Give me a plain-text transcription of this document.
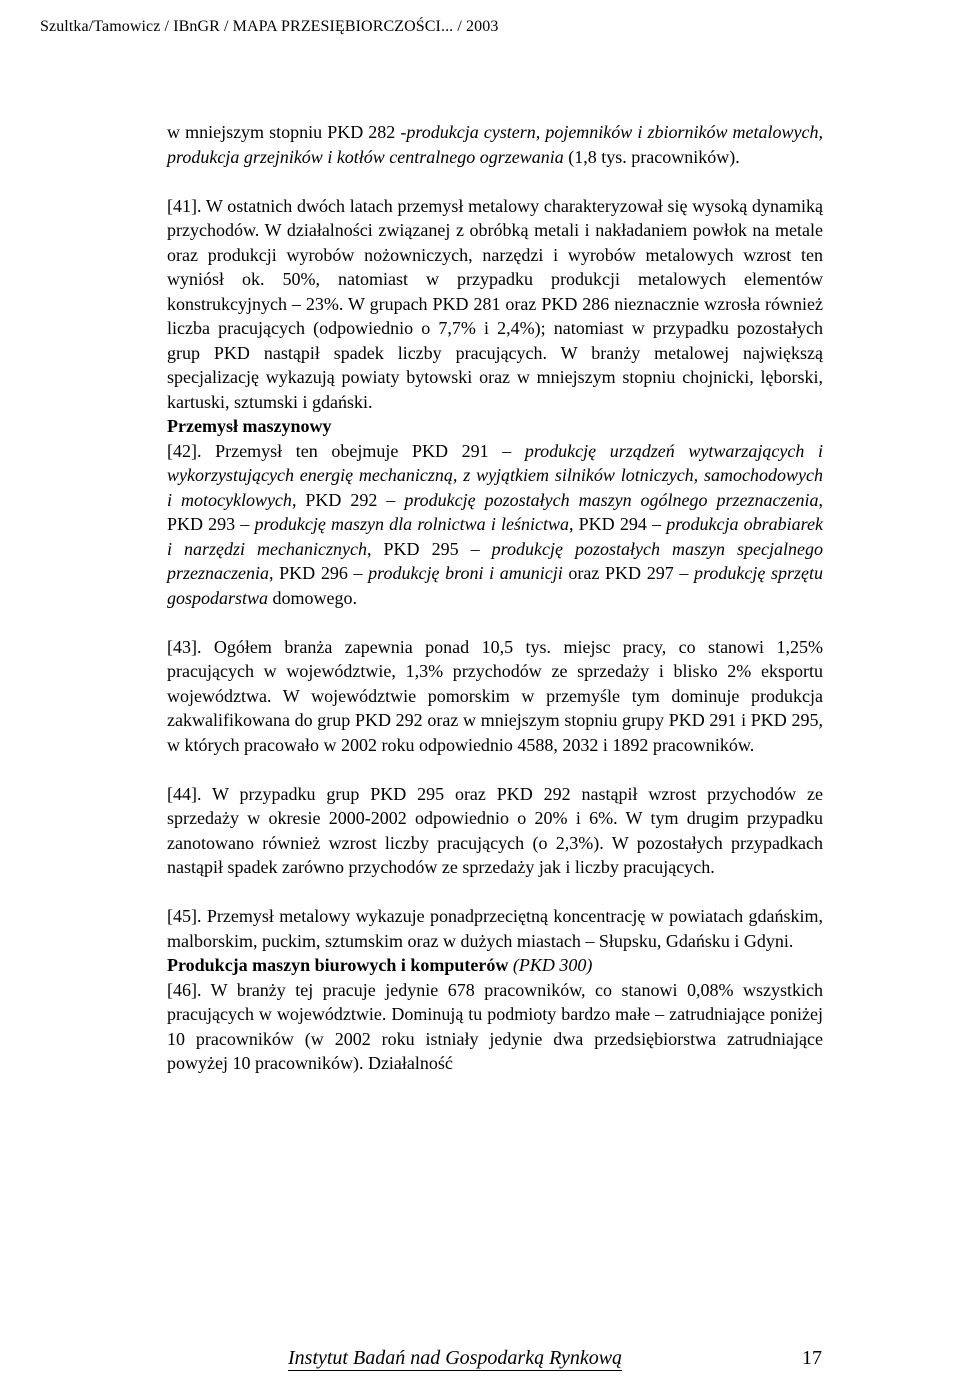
Szultka/Tamowicz / IBnGR / MAPA PRZESIĘBIORCZOŚCI... / 2003

w mniejszym stopniu PKD 282 -produkcja cystern, pojemników i zbiorników metalowych, produkcja grzejników i kotłów centralnego ogrzewania (1,8 tys. pracowników).

[41]. W ostatnich dwóch latach przemysł metalowy charakteryzował się wysoką dynamiką przychodów. W działalności związanej z obróbką metali i nakładaniem powłok na metale oraz produkcji wyrobów nożowniczych, narzędzi i wyrobów metalowych wzrost ten wyniósł ok. 50%, natomiast w przypadku produkcji metalowych elementów konstrukcyjnych – 23%. W grupach PKD 281 oraz PKD 286 nieznacznie wzrosła również liczba pracujących (odpowiednio o 7,7% i 2,4%); natomiast w przypadku pozostałych grup PKD nastąpił spadek liczby pracujących. W branży metalowej największą specjalizację wykazują powiaty bytowski oraz w mniejszym stopniu chojnicki, lęborski, kartuski, sztumski i gdański.

Przemysł maszynowy

[42]. Przemysł ten obejmuje PKD 291 – produkcję urządzeń wytwarzających i wykorzystujących energię mechaniczną, z wyjątkiem silników lotniczych, samochodowych i motocyklowych, PKD 292 – produkcję pozostałych maszyn ogólnego przeznaczenia, PKD 293 – produkcję maszyn dla rolnictwa i leśnictwa, PKD 294 – produkcja obrabiarek i narzędzi mechanicznych, PKD 295 – produkcję pozostałych maszyn specjalnego przeznaczenia, PKD 296 – produkcję broni i amunicji oraz PKD 297 – produkcję sprzętu gospodarstwa domowego.

[43]. Ogółem branża zapewnia ponad 10,5 tys. miejsc pracy, co stanowi 1,25% pracujących w województwie, 1,3% przychodów ze sprzedaży i blisko 2% eksportu województwa. W województwie pomorskim w przemyśle tym dominuje produkcja zakwalifikowana do grup PKD 292 oraz w mniejszym stopniu grupy PKD 291 i PKD 295, w których pracowało w 2002 roku odpowiednio 4588, 2032 i 1892 pracowników.

[44]. W przypadku grup PKD 295 oraz PKD 292 nastąpił wzrost przychodów ze sprzedaży w okresie 2000-2002 odpowiednio o 20% i 6%. W tym drugim przypadku zanotowano również wzrost liczby pracujących (o 2,3%). W pozostałych przypadkach nastąpił spadek zarówno przychodów ze sprzedaży jak i liczby pracujących.

[45]. Przemysł metalowy wykazuje ponadprzeciętną koncentrację w powiatach gdańskim, malborskim, puckim, sztumskim oraz w dużych miastach – Słupsku, Gdańsku i Gdyni.

Produkcja maszyn biurowych i komputerów (PKD 300)

[46]. W branży tej pracuje jedynie 678 pracowników, co stanowi 0,08% wszystkich pracujących w województwie. Dominują tu podmioty bardzo małe – zatrudniające poniżej 10 pracowników (w 2002 roku istniały jedynie dwa przedsiębiorstwa zatrudniające powyżej 10 pracowników). Działalność

Instytut Badań nad Gospodarką Rynkową	17
